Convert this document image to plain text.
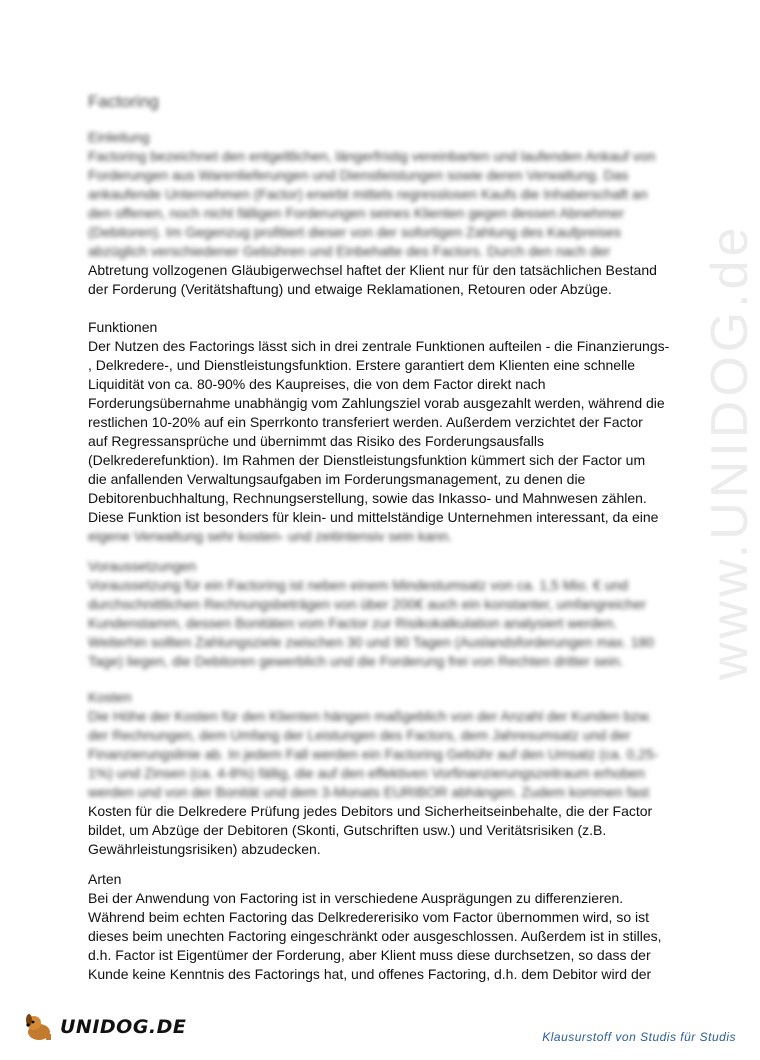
www.UNIDOG.de
Factoring
Einleitung
Factoring bezeichnet den entgeltlichen, längerfristig vereinbarten und laufenden Ankauf von
Forderungen aus Warenlieferungen und Dienstleistungen sowie deren Verwaltung. Das
ankaufende Unternehmen (Factor) erwirbt mittels regresslosen Kaufs die Inhaberschaft an
den offenen, noch nicht fälligen Forderungen seines Klienten gegen dessen Abnehmer
(Debitoren). Im Gegenzug profitiert dieser von der sofortigen Zahlung des Kaufpreises
abzüglich verschiedener Gebühren und Einbehalte des Factors. Durch den nach der
Abtretung vollzogenen Gläubigerwechsel haftet der Klient nur für den tatsächlichen Bestand
der Forderung (Veritätshaftung) und etwaige Reklamationen, Retouren oder Abzüge.
Funktionen
Der Nutzen des Factorings lässt sich in drei zentrale Funktionen aufteilen - die Finanzierungs-
, Delkredere-, und Dienstleistungsfunktion. Erstere garantiert dem Klienten eine schnelle
Liquidität von ca. 80-90% des Kaupreises, die von dem Factor direkt nach
Forderungsübernahme unabhängig vom Zahlungsziel vorab ausgezahlt werden, während die
restlichen 10-20% auf ein Sperrkonto transferiert werden. Außerdem verzichtet der Factor
auf Regressansprüche und übernimmt das Risiko des Forderungsausfalls
(Delkrederefunktion). Im Rahmen der Dienstleistungsfunktion kümmert sich der Factor um
die anfallenden Verwaltungsaufgaben im Forderungsmanagement, zu denen die
Debitorenbuchhaltung, Rechnungserstellung, sowie das Inkasso- und Mahnwesen zählen.
Diese Funktion ist besonders für klein- und mittelständige Unternehmen interessant, da eine
eigene Verwaltung sehr kosten- und zeitintensiv sein kann.
Voraussetzungen
Voraussetzung für ein Factoring ist neben einem Mindestumsatz von ca. 1,5 Mio. € und
durchschnittlichen Rechnungsbeträgen von über 200€ auch ein konstanter, umfangreicher
Kundenstamm, dessen Bonitäten vom Factor zur Risikokalkulation analysiert werden.
Weiterhin sollten Zahlungsziele zwischen 30 und 90 Tagen (Auslandsforderungen max. 180
Tage) liegen, die Debitoren gewerblich und die Forderung frei von Rechten dritter sein.
Kosten
Die Höhe der Kosten für den Klienten hängen maßgeblich von der Anzahl der Kunden bzw.
der Rechnungen, dem Umfang der Leistungen des Factors, dem Jahresumsatz und der
Finanzierungslinie ab. In jedem Fall werden ein Factoring Gebühr auf den Umsatz (ca. 0,25-
1%) und Zinsen (ca. 4-8%) fällig, die auf den effektiven Vorfinanzierungszeitraum erhoben
werden und von der Bonität und dem 3-Monats EURIBOR abhängen. Zudem kommen fast
Kosten für die Delkredere Prüfung jedes Debitors und Sicherheitseinbehalte, die der Factor
bildet, um Abzüge der Debitoren (Skonti, Gutschriften usw.) und Veritätsrisiken (z.B.
Gewährleistungsrisiken) abzudecken.
Arten
Bei der Anwendung von Factoring ist in verschiedene Ausprägungen zu differenzieren.
Während beim echten Factoring das Delkredererisiko vom Factor übernommen wird, so ist
dieses beim unechten Factoring eingeschränkt oder ausgeschlossen. Außerdem ist in stilles,
d.h. Factor ist Eigentümer der Forderung, aber Klient muss diese durchsetzen, so dass der
Kunde keine Kenntnis des Factorings hat, und offenes Factoring, d.h. dem Debitor wird der
UNIDOG.DE	Klausurstoff von Studis für Studis
